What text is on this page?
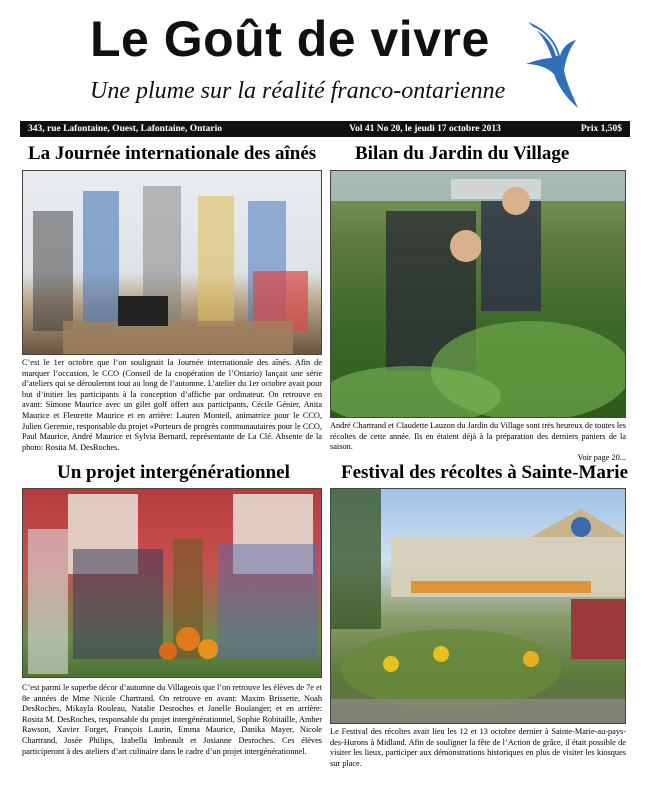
Le Goût de vivre
Une plume sur la réalité franco-ontarienne
343, rue Lafontaine, Ouest, Lafontaine, Ontario	Vol 41 No 20, le jeudi 17 octobre 2013	Prix 1,50$
La Journée internationale des aînés
C’est le 1er octobre que l’on soulignait la Journée internationale des aînés. Afin de marquer l’occasion, le CCO (Conseil de la coopération de l’Ontario) lançait une série d’ateliers qui se dérouleront tout au long de l’automne. L’atelier du 1er octobre avait pour but d’initier les participants à la conception d’affiche par ordinateur. On retrouve en avant: Simone Maurice avec un gilet golf offert aux participants, Cécile Génier, Anita Maurice et Fleurette Maurice et en arrière: Lauren Monteil, animatrice pour le CCO, Julien Geremie, responsable du projet «Porteurs de progrès communautaires pour le CCO, Paul Maurice, André Maurice et Sylvia Bernard, représentante de La Clé. Absente de la photo: Rosita M. DesRoches.
Bilan du Jardin du Village
André Chartrand et Claudette Lauzon du Jardin du Village sont très heureux de toutes les récoltes de cette année. Ils en étaient déjà à la préparation des derniers paniers de la saison.
Voir page 20...
Un projet intergénérationnel
C’est parmi le superbe décor d’automne du Villageois que l’on retrouve les élèves de 7e et 8e années de Mme Nicole Chartrand. On retrouve en avant: Maxim Brissette, Noah DesRoches, Mikayla Rouleau, Natalie Desroches et Janelle Boulanger; et en arrière: Rosita M. DesRoches, responsable du projet intergénérationnel, Sophie Robitaille, Amber Rawson, Xavier Forget, François Laurin, Emma Maurice, Danika Mayer, Nicole Chartrand, Josée Philips, Izabella Imbeault et Josianne Desroches. Ces élèves participeront à des ateliers d’art culinaire dans le cadre d’un projet intergénérationnel.
Festival des récoltes à Sainte-Marie
Le Festival des récoltes avait lieu les 12 et 13 octobre dernier à Sainte-Marie-au-pays-des-Hurons à Midland. Afin de souligner la fête de l’Action de grâce, il était possible de visiter les lieux, participer aux démonstrations historiques en plus de visiter les kiosques sur place.
